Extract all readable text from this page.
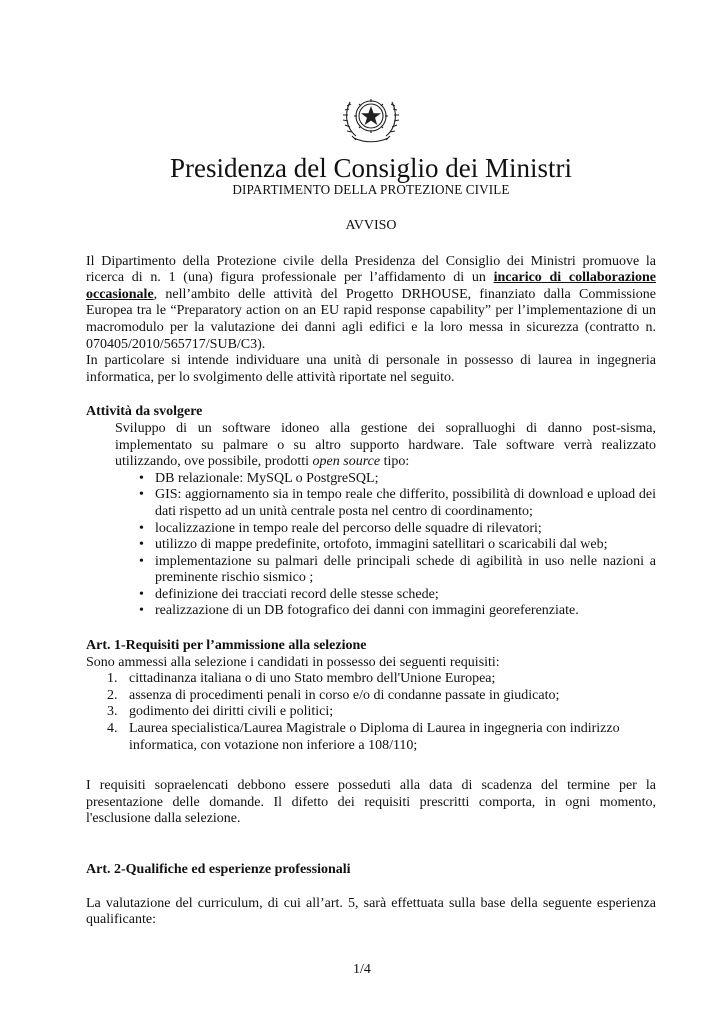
Presidenza del Consiglio dei Ministri
DIPARTIMENTO DELLA PROTEZIONE CIVILE
AVVISO
Il Dipartimento della Protezione civile della Presidenza del Consiglio dei Ministri promuove la ricerca di n. 1 (una) figura professionale per l’affidamento di un incarico di collaborazione occasionale, nell’ambito delle attività del Progetto DRHOUSE, finanziato dalla Commissione Europea tra le “Preparatory action on an EU rapid response capability” per l’implementazione di un macromodulo per la valutazione dei danni agli edifici e la loro messa in sicurezza (contratto n. 070405/2010/565717/SUB/C3).
In particolare si intende individuare una unità di personale in possesso di laurea in ingegneria informatica, per lo svolgimento delle attività riportate nel seguito.
Attività da svolgere
Sviluppo di un software idoneo alla gestione dei sopralluoghi di danno post-sisma, implementato su palmare o su altro supporto hardware. Tale software verrà realizzato utilizzando, ove possibile, prodotti open source tipo:
• DB relazionale: MySQL o PostgreSQL;
• GIS: aggiornamento sia in tempo reale che differito, possibilità di download e upload dei dati rispetto ad un unità centrale posta nel centro di coordinamento;
• localizzazione in tempo reale del percorso delle squadre di rilevatori;
• utilizzo di mappe predefinite, ortofoto, immagini satellitari o scaricabili dal web;
• implementazione su palmari delle principali schede di agibilità in uso nelle nazioni a preminente rischio sismico ;
• definizione dei tracciati record delle stesse schede;
• realizzazione di un DB fotografico dei danni con immagini georeferenziate.
Art. 1-Requisiti per l’ammissione alla selezione
Sono ammessi alla selezione i candidati in possesso dei seguenti requisiti:
1. cittadinanza italiana o di uno Stato membro dell'Unione Europea;
2. assenza di procedimenti penali in corso e/o di condanne passate in giudicato;
3. godimento dei diritti civili e politici;
4. Laurea specialistica/Laurea Magistrale o Diploma di Laurea in ingegneria con indirizzo informatica, con votazione non inferiore a 108/110;
I requisiti sopraelencati debbono essere posseduti alla data di scadenza del termine per la presentazione delle domande. Il difetto dei requisiti prescritti comporta, in ogni momento, l'esclusione dalla selezione.
Art. 2-Qualifiche ed esperienze professionali
La valutazione del curriculum, di cui all’art. 5, sarà effettuata sulla base della seguente esperienza qualificante:
1/4
